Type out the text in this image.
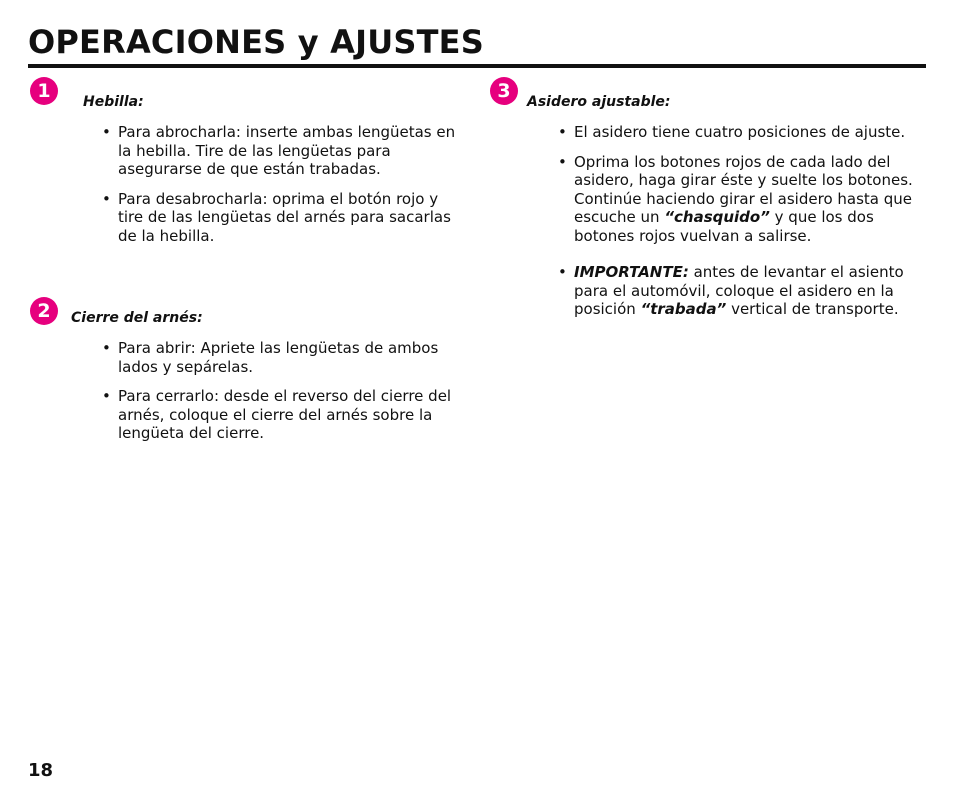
OPERACIONES y AJUSTES
1	Hebilla:
• Para abrocharla: inserte ambas lengüetas en la hebilla. Tire de las lengüetas para asegurarse de que están trabadas.
• Para desabrocharla: oprima el botón rojo y tire de las lengüetas del arnés para sacarlas de la hebilla.
2	Cierre del arnés:
• Para abrir: Apriete las lengüetas de ambos lados y sepárelas.
• Para cerrarlo: desde el reverso del cierre del arnés, coloque el cierre del arnés sobre la lengüeta del cierre.
3	Asidero ajustable:
• El asidero tiene cuatro posiciones de ajuste.
• Oprima los botones rojos de cada lado del asidero, haga girar éste y suelte los botones. Continúe haciendo girar el asidero hasta que escuche un “chasquido” y que los dos botones rojos vuelvan a salirse.
• IMPORTANTE: antes de levantar el asiento para el automóvil, coloque el asidero en la posición “trabada” vertical de transporte.
18
